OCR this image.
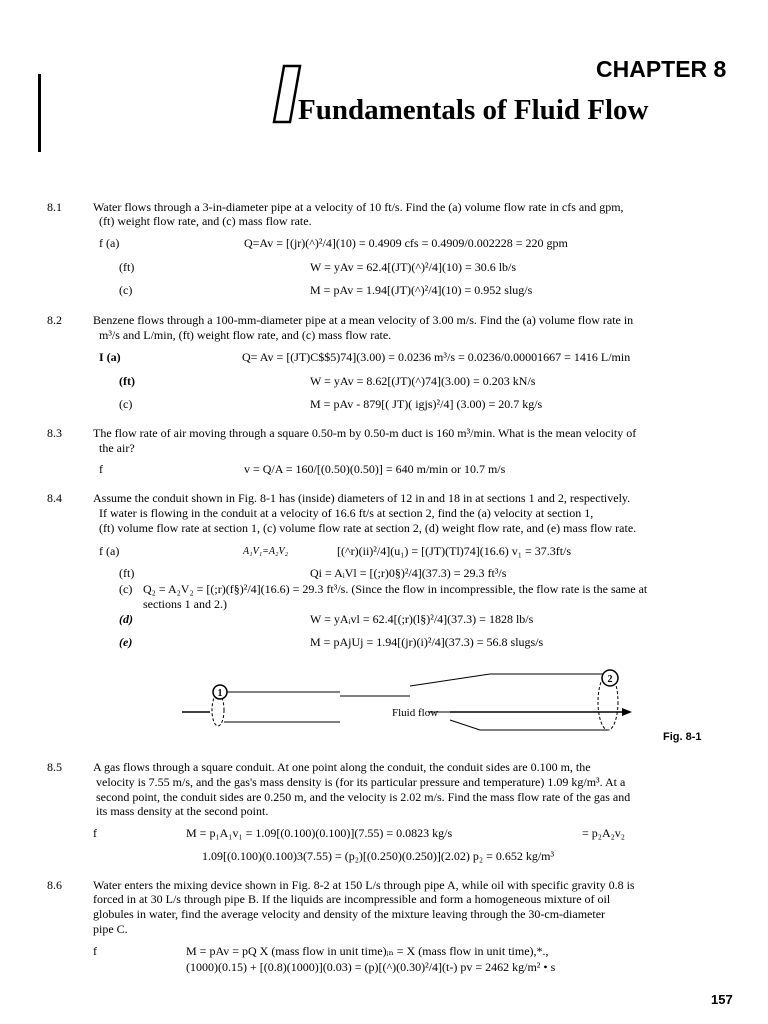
CHAPTER 8
Fundamentals of Fluid Flow
8.1	Water flows through a 3-in-diameter pipe at a velocity of 10 ft/s. Find the (a) volume flow rate in cfs and gpm,
(ft) weight flow rate, and (c) mass flow rate.
f (a)	Q=Av = [(jr)(^)²/4](10) = 0.4909 cfs = 0.4909/0.002228 = 220 gpm
(ft)	W = yAv = 62.4[(JT)(^)²/4](10) = 30.6 lb/s
(c)	M = pAv = 1.94[(JT)(^)²/4](10) = 0.952 slug/s
8.2	Benzene flows through a 100-mm-diameter pipe at a mean velocity of 3.00 m/s. Find the (a) volume flow rate in
m³/s and L/min, (ft) weight flow rate, and (c) mass flow rate.
I (a)	Q= Av = [(JT)C$$5)74](3.00) = 0.0236 m³/s = 0.0236/0.00001667 = 1416 L/min
(ft)	W = yAv = 8.62[(JT)(^)74](3.00) = 0.203 kN/s
(c)	M = pAv - 879[( JT)( igjs)²/4] (3.00) = 20.7 kg/s
8.3	The flow rate of air moving through a square 0.50-m by 0.50-m duct is 160 m³/min. What is the mean velocity of
the air?
f	v = Q/A = 160/[(0.50)(0.50)] = 640 m/min or 10.7 m/s
8.4	Assume the conduit shown in Fig. 8-1 has (inside) diameters of 12 in and 18 in at sections 1 and 2, respectively.
If water is flowing in the conduit at a velocity of 16.6 ft/s at section 2, find the (a) velocity at section 1,
(ft) volume flow rate at section 1, (c) volume flow rate at section 2, (d) weight flow rate, and (e) mass flow rate.
f (a)	A₁V₁=A₂V₂	[(^r)(ii)²/4](u₁) = [(JT)(Tl)74](16.6) v₁ = 37.3ft/s
(ft)	Qi = AᵢVl = [(;r)0§)²/4](37.3) = 29.3 ft³/s
(c) Q₂ = A₂V₂ = [(;r)(f§)²/4](16.6) = 29.3 ft³/s. (Since the flow in incompressible, the flow rate is the same at
sections 1 and 2.)
(d)	W = yAᵢvl = 62.4[(;r)(l§)²/4](37.3) = 1828 lb/s
(e)	M = pAjUj = 1.94[(jr)(i)²/4](37.3) = 56.8 slugs/s
1
2
Fluid flow
Fig. 8-1
8.5	A gas flows through a square conduit. At one point along the conduit, the conduit sides are 0.100 m, the
velocity is 7.55 m/s, and the gas's mass density is (for its particular pressure and temperature) 1.09 kg/m³. At a
second point, the conduit sides are 0.250 m, and the velocity is 2.02 m/s. Find the mass flow rate of the gas and
its mass density at the second point.
f	M = p₁A₁v₁ = 1.09[(0.100)(0.100)](7.55) = 0.0823 kg/s	= p₂A₂v₂
1.09[(0.100)(0.100)3(7.55) = (p₂)[(0.250)(0.250)](2.02) p₂ = 0.652 kg/m³
8.6	Water enters the mixing device shown in Fig. 8-2 at 150 L/s through pipe A, while oil with specific gravity 0.8 is
forced in at 30 L/s through pipe B. If the liquids are incompressible and form a homogeneous mixture of oil
globules in water, find the average velocity and density of the mixture leaving through the 30-cm-diameter
pipe C.
f	M = pAv = pQ X (mass flow in unit time)ᵢₙ = X (mass flow in unit time),*.,
(1000)(0.15) + [(0.8)(1000)](0.03) = (p)[(^)(0.30)²/4](t-) pv = 2462 kg/m² • s
157
